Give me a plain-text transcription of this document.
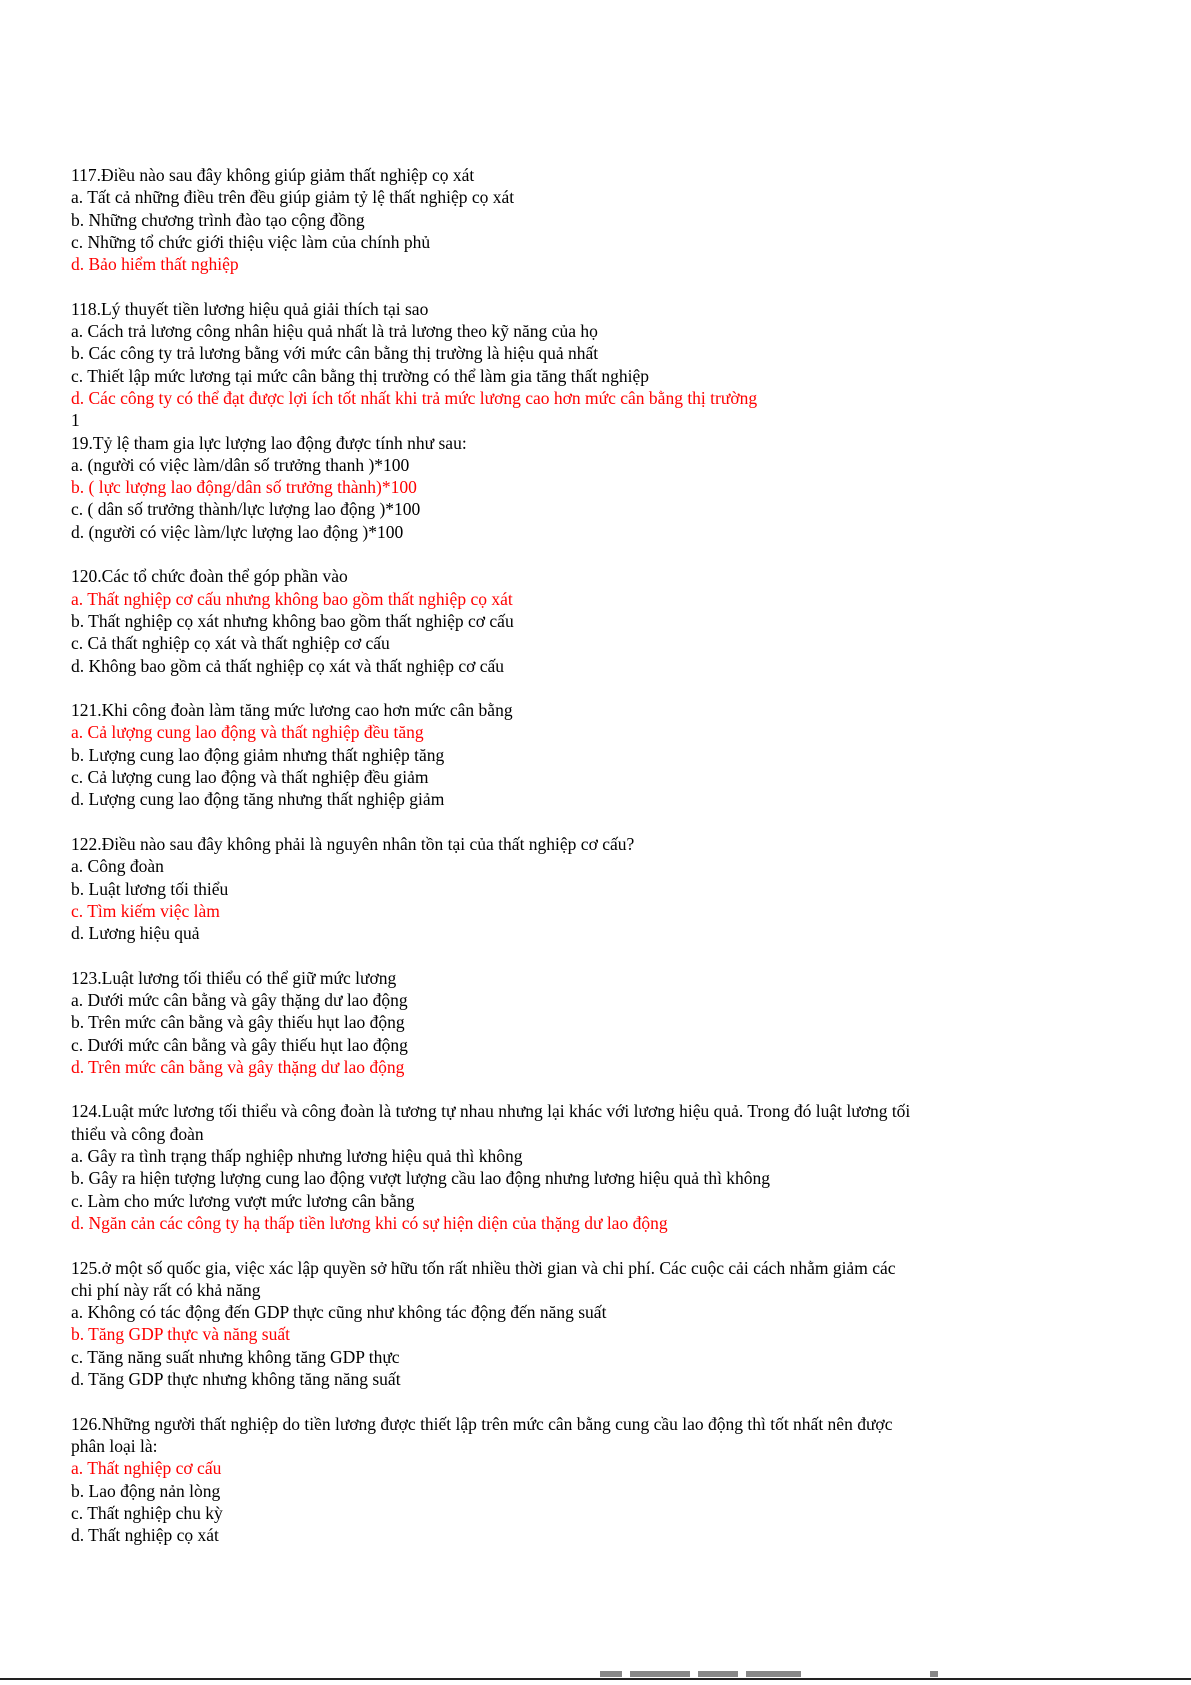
117.Điều nào sau đây không giúp giảm thất nghiệp cọ xát
a. Tất cả những điều trên đều giúp giảm tỷ lệ thất nghiệp cọ xát
b. Những chương trình đào tạo cộng đồng
c. Những tổ chức giới thiệu việc làm của chính phủ
d. Bảo hiểm thất nghiệp
118.Lý thuyết tiền lương hiệu quả giải thích tại sao
a. Cách trả lương công nhân hiệu quả nhất là trả lương theo kỹ năng của họ
b. Các công ty trả lương bằng với mức cân bằng thị trường là hiệu quả nhất
c. Thiết lập mức lương tại mức cân bằng thị trường có thể làm gia tăng thất nghiệp
d. Các công ty có thể đạt được lợi ích tốt nhất khi trả mức lương cao hơn mức cân bằng thị trường
1
19.Tỷ lệ tham gia lực lượng lao động được tính như sau:
a. (người có việc làm/dân số trưởng thanh )*100
b. ( lực lượng lao động/dân số trưởng thành)*100
c. ( dân số trưởng thành/lực lượng lao động )*100
d. (người có việc làm/lực lượng lao động )*100
120.Các tổ chức đoàn thể góp phần vào
a. Thất nghiệp cơ cấu nhưng không bao gồm thất nghiệp cọ xát
b. Thất nghiệp cọ xát nhưng không bao gồm thất nghiệp cơ cấu
c. Cả thất nghiệp cọ xát và thất nghiệp cơ cấu
d. Không bao gồm cả thất nghiệp cọ xát và thất nghiệp cơ cấu
121.Khi công đoàn làm tăng mức lương cao hơn mức cân bằng
a. Cả lượng cung lao động và thất nghiệp đều tăng
b. Lượng cung lao động giảm nhưng thất nghiệp tăng
c. Cả lượng cung lao động và thất nghiệp đều giảm
d. Lượng cung lao động tăng nhưng thất nghiệp giảm
122.Điều nào sau đây không phải là nguyên nhân tồn tại của thất nghiệp cơ cấu?
a. Công đoàn
b. Luật lương tối thiểu
c. Tìm kiếm việc làm
d. Lương hiệu quả
123.Luật lương tối thiểu có thể giữ mức lương
a. Dưới mức cân bằng và gây thặng dư lao động
b. Trên mức cân bằng và gây thiếu hụt lao động
c. Dưới mức cân bằng và gây thiếu hụt lao động
d. Trên mức cân bằng và gây thặng dư lao động
124.Luật mức lương tối thiểu và công đoàn là tương tự nhau nhưng lại khác với lương hiệu quả. Trong đó luật lương tối
thiểu và công đoàn
a. Gây ra tình trạng thấp nghiệp nhưng lương hiệu quả thì không
b. Gây ra hiện tượng lượng cung lao động vượt lượng cầu lao động nhưng lương hiệu quả thì không
c. Làm cho mức lương vượt mức lương cân bằng
d. Ngăn cản các công ty hạ thấp tiền lương khi có sự hiện diện của thặng dư lao động
125.ở một số quốc gia, việc xác lập quyền sở hữu tốn rất nhiều thời gian và chi phí. Các cuộc cải cách nhằm giảm các
chi phí này rất có khả năng
a. Không có tác động đến GDP thực cũng như không tác động đến năng suất
b. Tăng GDP thực và năng suất
c. Tăng năng suất nhưng không tăng GDP thực
d. Tăng GDP thực nhưng không tăng năng suất
126.Những người thất nghiệp do tiền lương được thiết lập trên mức cân bằng cung cầu lao động thì tốt nhất nên được
phân loại là:
a. Thất nghiệp cơ cấu
b. Lao động nản lòng
c. Thất nghiệp chu kỳ
d. Thất nghiệp cọ xát
